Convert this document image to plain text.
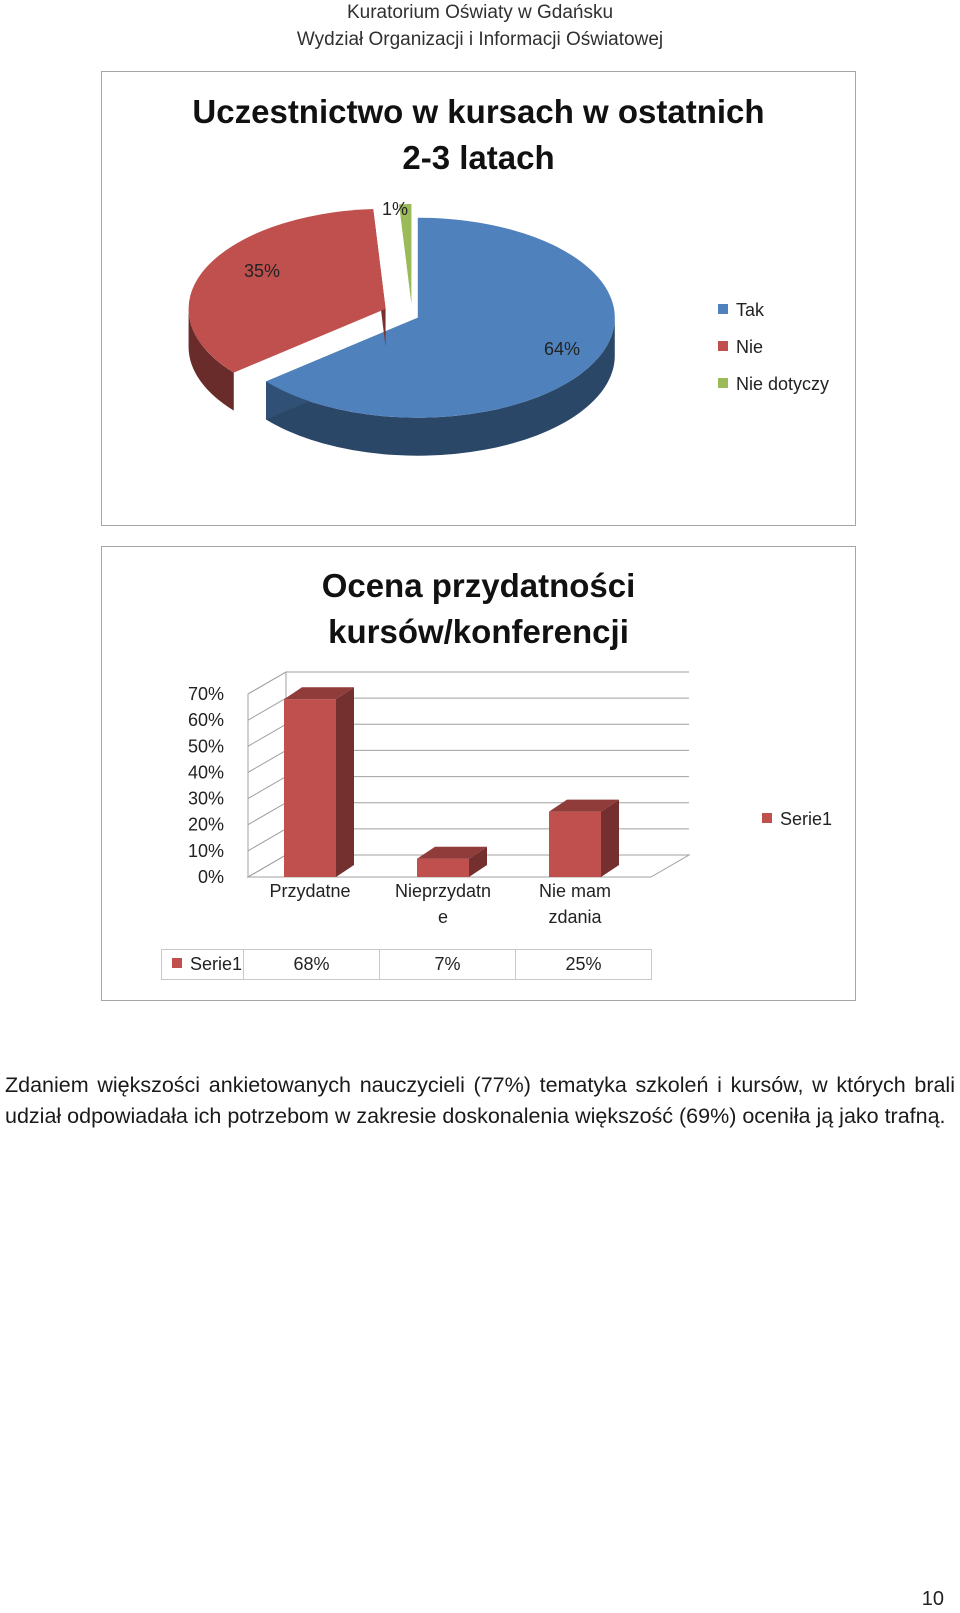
Kuratorium Oświaty w Gdańsku
Wydział Organizacji i Informacji Oświatowej
Uczestnictwo w kursach w ostatnich
2-3 latach
64%
35%
1%
Tak
Nie
Nie dotyczy
Ocena przydatności
kursów/konferencji
70%
60%
50%
40%
30%
20%
10%
0%
Przydatne Nieprzydatn
e
Nie mam
zdania
Serie1	68%	7%	25%
Serie1
Zdaniem większości ankietowanych nauczycieli (77%) tematyka szkoleń i kursów, w których brali udział odpowiadała ich potrzebom w zakresie doskonalenia większość (69%) oceniła ją jako trafną.
10
